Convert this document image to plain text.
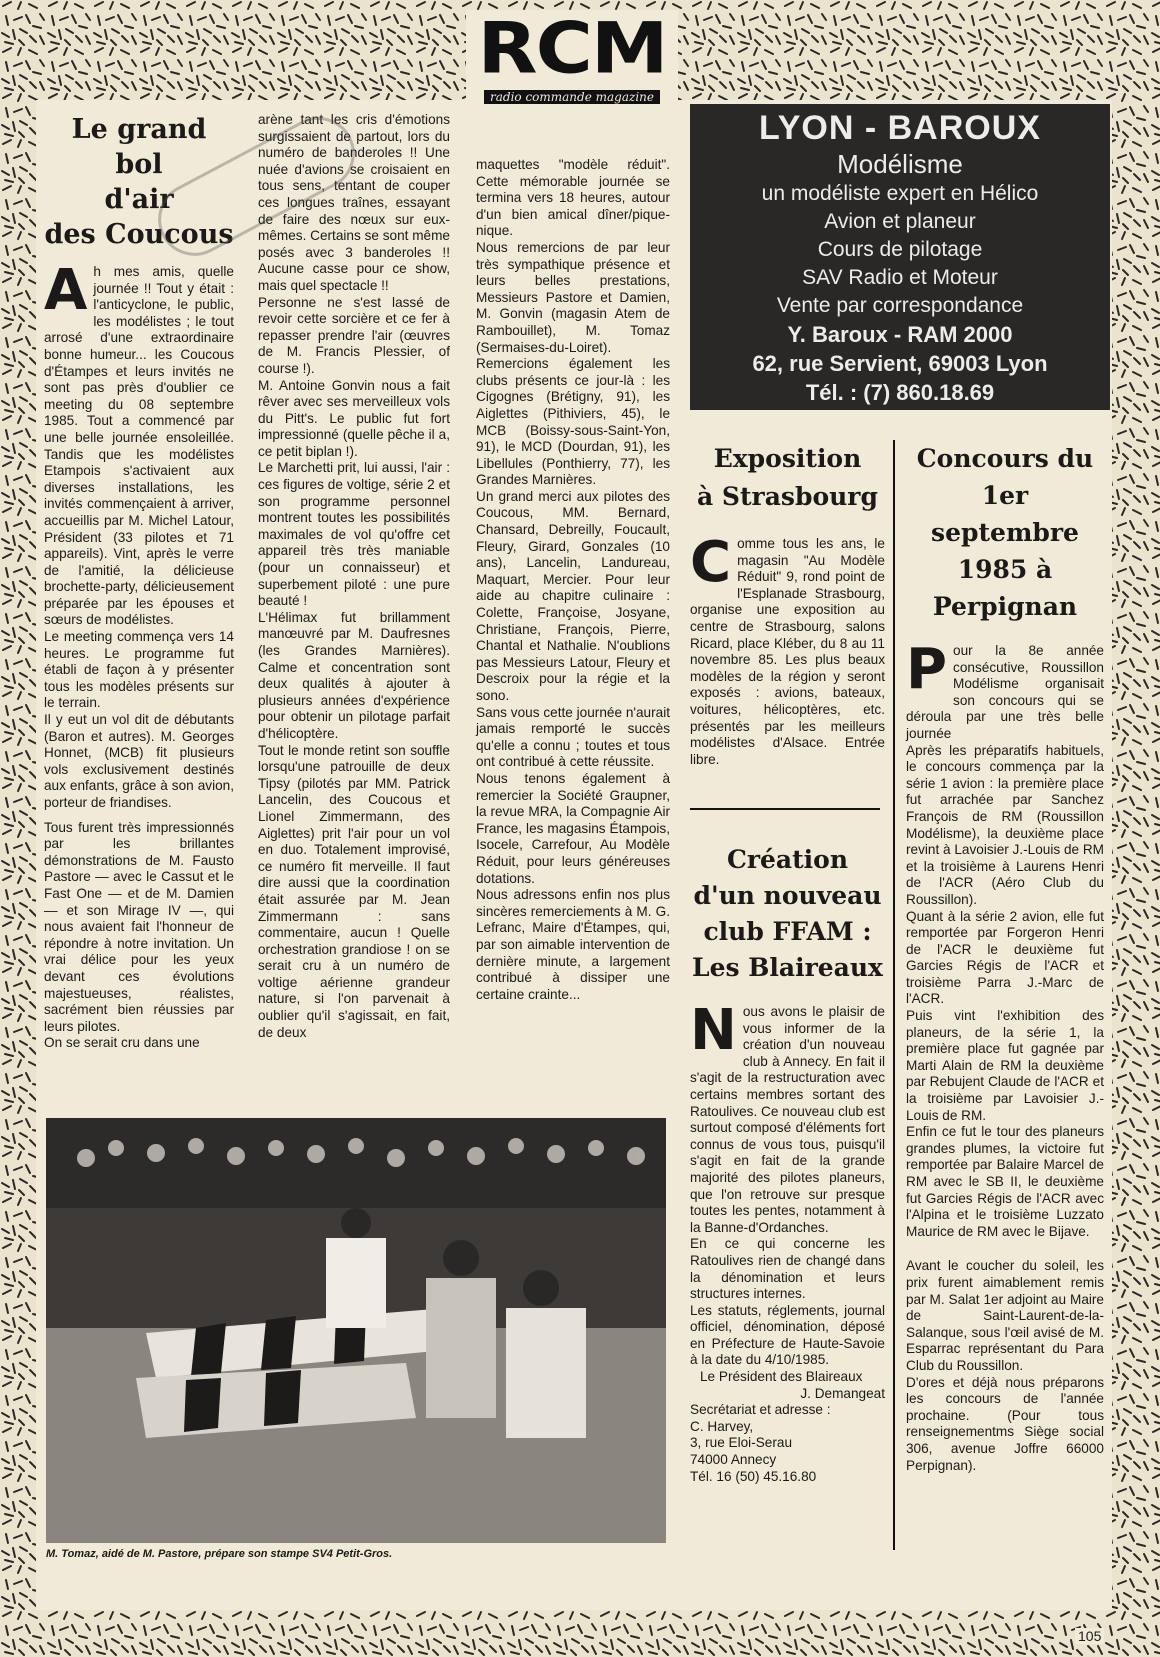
RCM
radio commande magazine

Le grand bol
d'air
des Coucous

Ah mes amis, quelle journée !! Tout y était : l'anticyclone, le public, les modélistes ; le tout arrosé d'une extraordinaire bonne humeur... les Coucous d'Étampes et leurs invités ne sont pas près d'oublier ce meeting du 08 septembre 1985. Tout a commencé par une belle journée ensoleillée. Tandis que les modélistes Etampois s'activaient aux diverses installations, les invités commençaient à arriver, accueillis par M. Michel Latour, Président (33 pilotes et 71 appareils). Vint, après le verre de l'amitié, la délicieuse brochette-party, délicieusement préparée par les épouses et sœurs de modélistes.

Le meeting commença vers 14 heures. Le programme fut établi de façon à y présenter tous les modèles présents sur le terrain.

Il y eut un vol dit de débutants (Baron et autres). M. Georges Honnet, (MCB) fit plusieurs vols exclusivement destinés aux enfants, grâce à son avion, porteur de friandises.

Tous furent très impressionnés par les brillantes démonstrations de M. Fausto Pastore — avec le Cassut et le Fast One — et de M. Damien — et son Mirage IV —, qui nous avaient fait l'honneur de répondre à notre invitation. Un vrai délice pour les yeux devant ces évolutions majestueuses, réalistes, sacrément bien réussies par leurs pilotes.

On se serait cru dans une

arène tant les cris d'émotions surgissaient de partout, lors du numéro de banderoles !! Une nuée d'avions se croisaient en tous sens, tentant de couper ces longues traînes, essayant de faire des nœux sur eux-mêmes. Certains se sont même posés avec 3 banderoles !! Aucune casse pour ce show, mais quel spectacle !!

Personne ne s'est lassé de revoir cette sorcière et ce fer à repasser prendre l'air (œuvres de M. Francis Plessier, of course !).

M. Antoine Gonvin nous a fait rêver avec ses merveilleux vols du Pitt's. Le public fut fort impressionné (quelle pêche il a, ce petit biplan !).

Le Marchetti prit, lui aussi, l'air : ces figures de voltige, série 2 et son programme personnel montrent toutes les possibilités maximales de vol qu'offre cet appareil très très maniable (pour un connaisseur) et superbement piloté : une pure beauté !

L'Hélimax fut brillamment manœuvré par M. Daufresnes (les Grandes Marnières). Calme et concentration sont deux qualités à ajouter à plusieurs années d'expérience pour obtenir un pilotage parfait d'hélicoptère.

Tout le monde retint son souffle lorsqu'une patrouille de deux Tipsy (pilotés par MM. Patrick Lancelin, des Coucous et Lionel Zimmermann, des Aiglettes) prit l'air pour un vol en duo. Totalement improvisé, ce numéro fit merveille. Il faut dire aussi que la coordination était assurée par M. Jean Zimmermann : sans commentaire, aucun ! Quelle orchestration grandiose ! on se serait cru à un numéro de voltige aérienne grandeur nature, si l'on parvenait à oublier qu'il s'agissait, en fait, de deux

maquettes "modèle réduit". Cette mémorable journée se termina vers 18 heures, autour d'un bien amical dîner/pique-nique.

Nous remercions de par leur très sympathique présence et leurs belles prestations, Messieurs Pastore et Damien, M. Gonvin (magasin Atem de Rambouillet), M. Tomaz (Sermaises-du-Loiret).

Remercions également les clubs présents ce jour-là : les Cigognes (Brétigny, 91), les Aiglettes (Pithiviers, 45), le MCB (Boissy-sous-Saint-Yon, 91), le MCD (Dourdan, 91), les Libellules (Ponthierry, 77), les Grandes Marnières.

Un grand merci aux pilotes des Coucous, MM. Bernard, Chansard, Debreilly, Foucault, Fleury, Girard, Gonzales (10 ans), Lancelin, Landureau, Maquart, Mercier. Pour leur aide au chapitre culinaire : Colette, Françoise, Josyane, Christiane, François, Pierre, Chantal et Nathalie. N'oublions pas Messieurs Latour, Fleury et Descroix pour la régie et la sono.

Sans vous cette journée n'aurait jamais remporté le succès qu'elle a connu ; toutes et tous ont contribué à cette réussite.

Nous tenons également à remercier la Société Graupner, la revue MRA, la Compagnie Air France, les magasins Étampois, Isocele, Carrefour, Au Modèle Réduit, pour leurs généreuses dotations.

Nous adressons enfin nos plus sincères remerciements à M. G. Lefranc, Maire d'Étampes, qui, par son aimable intervention de dernière minute, a largement contribué à dissiper une certaine crainte...

LYON - BAROUX
Modélisme
un modéliste expert en Hélico
Avion et planeur
Cours de pilotage
SAV Radio et Moteur
Vente par correspondance
Y. Baroux - RAM 2000
62, rue Servient, 69003 Lyon
Tél. : (7) 860.18.69
Exposition
à Strasbourg

Comme tous les ans, le magasin "Au Modèle Réduit" 9, rond point de l'Esplanade Strasbourg, organise une exposition au centre de Strasbourg, salons Ricard, place Kléber, du 8 au 11 novembre 85. Les plus beaux modèles de la région y seront exposés : avions, bateaux, voitures, hélicoptères, etc. présentés par les meilleurs modélistes d'Alsace. Entrée libre.

Création
d'un nouveau
club FFAM :
Les Blaireaux

Nous avons le plaisir de vous informer de la création d'un nouveau club à Annecy. En fait il s'agit de la restructuration avec certains membres sortant des Ratoulives. Ce nouveau club est surtout composé d'éléments fort connus de vous tous, puisqu'il s'agit en fait de la grande majorité des pilotes planeurs, que l'on retrouve sur presque toutes les pentes, notamment à la Banne-d'Ordanches.

En ce qui concerne les Ratoulives rien de changé dans la dénomination et leurs structures internes.

Les statuts, réglements, journal officiel, dénomination, déposé en Préfecture de Haute-Savoie à la date du 4/10/1985.

Le Président des Blaireaux

J. Demangeat

Secrétariat et adresse :

C. Harvey,

3, rue Eloi-Serau

74000 Annecy

Tél. 16 (50) 45.16.80

Concours du
1er septembre
1985 à
Perpignan

Pour la 8e année consécutive, Roussillon Modélisme organisait son concours qui se déroula par une très belle journée

Après les préparatifs habituels, le concours commença par la série 1 avion : la première place fut arrachée par Sanchez François de RM (Roussillon Modélisme), la deuxième place revint à Lavoisier J.-Louis de RM et la troisième à Laurens Henri de l'ACR (Aéro Club du Roussillon).

Quant à la série 2 avion, elle fut remportée par Forgeron Henri de l'ACR le deuxième fut Garcies Régis de l'ACR et troisième Parra J.-Marc de l'ACR.

Puis vint l'exhibition des planeurs, de la série 1, la première place fut gagnée par Marti Alain de RM la deuxième par Rebujent Claude de l'ACR et la troisième par Lavoisier J.-Louis de RM.

Enfin ce fut le tour des planeurs grandes plumes, la victoire fut remportée par Balaire Marcel de RM avec le SB II, le deuxième fut Garcies Régis de l'ACR avec l'Alpina et le troisième Luzzato Maurice de RM avec le Bijave.

Avant le coucher du soleil, les prix furent aimablement remis par M. Salat 1er adjoint au Maire de Saint-Laurent-de-la-Salanque, sous l'œil avisé de M. Esparrac représentant du Para Club du Roussillon.

D'ores et déjà nous préparons les concours de l'année prochaine. (Pour tous renseignementms Siège social 306, avenue Joffre 66000 Perpignan).

M. Tomaz, aidé de M. Pastore, prépare son stampe SV4 Petit-Gros.
105
